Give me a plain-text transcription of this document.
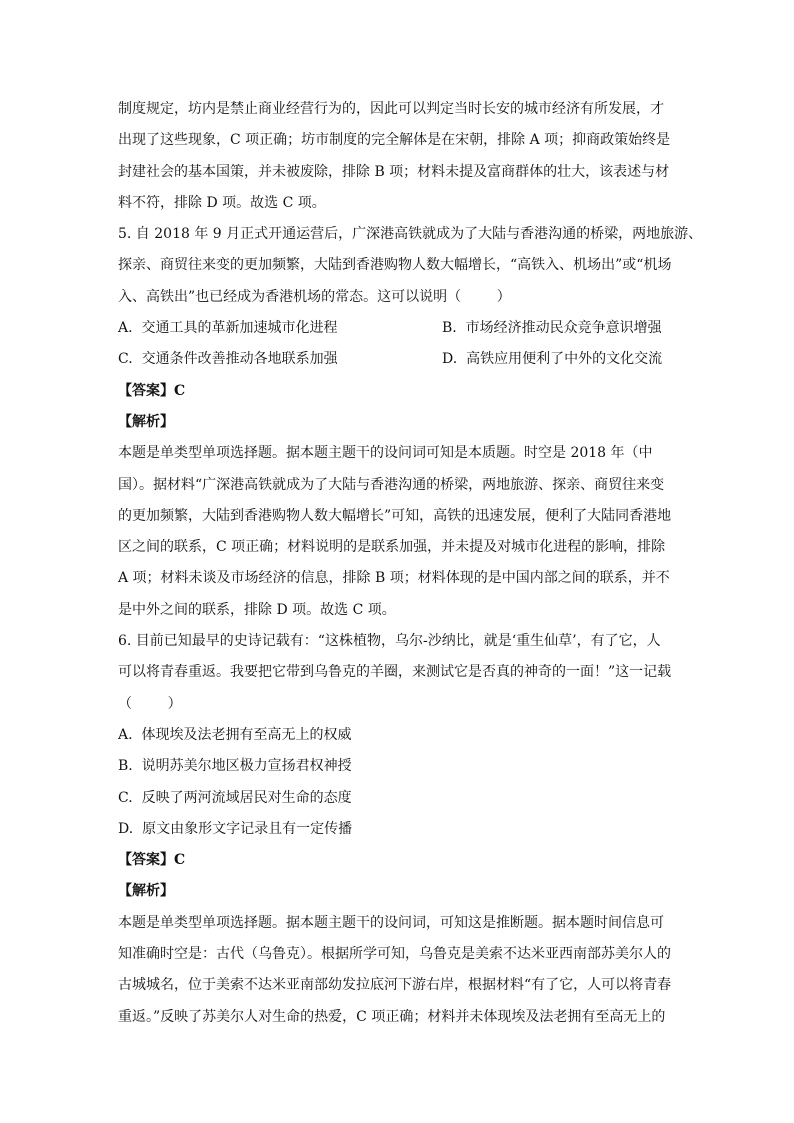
制度规定，坊内是禁止商业经营行为的，因此可以判定当时长安的城市经济有所发展，才

出现了这些现象，C 项正确；坊市制度的完全解体是在宋朝，排除 A 项；抑商政策始终是

封建社会的基本国策，并未被废除，排除 B 项；材料未提及富商群体的壮大，该表述与材

料不符，排除 D 项。故选 C 项。

5. 自 2018 年 9 月正式开通运营后，广深港高铁就成为了大陆与香港沟通的桥梁，两地旅游、

探亲、商贸往来变的更加频繁，大陆到香港购物人数大幅增长，“高铁入、机场出”或“机场

入、高铁出”也已经成为香港机场的常态。这可以说明（        ）

A.  交通工具的革新加速城市化进程	B.  市场经济推动民众竞争意识增强
C.  交通条件改善推动各地联系加强	D.  高铁应用便利了中外的文化交流

【答案】C

【解析】

本题是单类型单项选择题。据本题主题干的设问词可知是本质题。时空是 2018 年（中

国）。据材料“广深港高铁就成为了大陆与香港沟通的桥梁，两地旅游、探亲、商贸往来变

的更加频繁，大陆到香港购物人数大幅增长”可知，高铁的迅速发展，便利了大陆同香港地

区之间的联系，C 项正确；材料说明的是联系加强，并未提及对城市化进程的影响，排除

A 项；材料未谈及市场经济的信息，排除 B 项；材料体现的是中国内部之间的联系，并不

是中外之间的联系，排除 D 项。故选 C 项。

6. 目前已知最早的史诗记载有：“这株植物，乌尔-沙纳比，就是‘重生仙草’，有了它，人

可以将青春重返。我要把它带到乌鲁克的羊圈，来测试它是否真的神奇的一面！”这一记载

（        ）

A.  体现埃及法老拥有至高无上的权威

B.  说明苏美尔地区极力宣扬君权神授

C.  反映了两河流域居民对生命的态度

D.  原文由象形文字记录且有一定传播

【答案】C

【解析】

本题是单类型单项选择题。据本题主题干的设问词，可知这是推断题。据本题时间信息可

知准确时空是：古代（乌鲁克）。根据所学可知，乌鲁克是美索不达米亚西南部苏美尔人的

古城城名，位于美索不达米亚南部幼发拉底河下游右岸，根据材料“有了它，人可以将青春

重返。”反映了苏美尔人对生命的热爱，C 项正确；材料并未体现埃及法老拥有至高无上的
